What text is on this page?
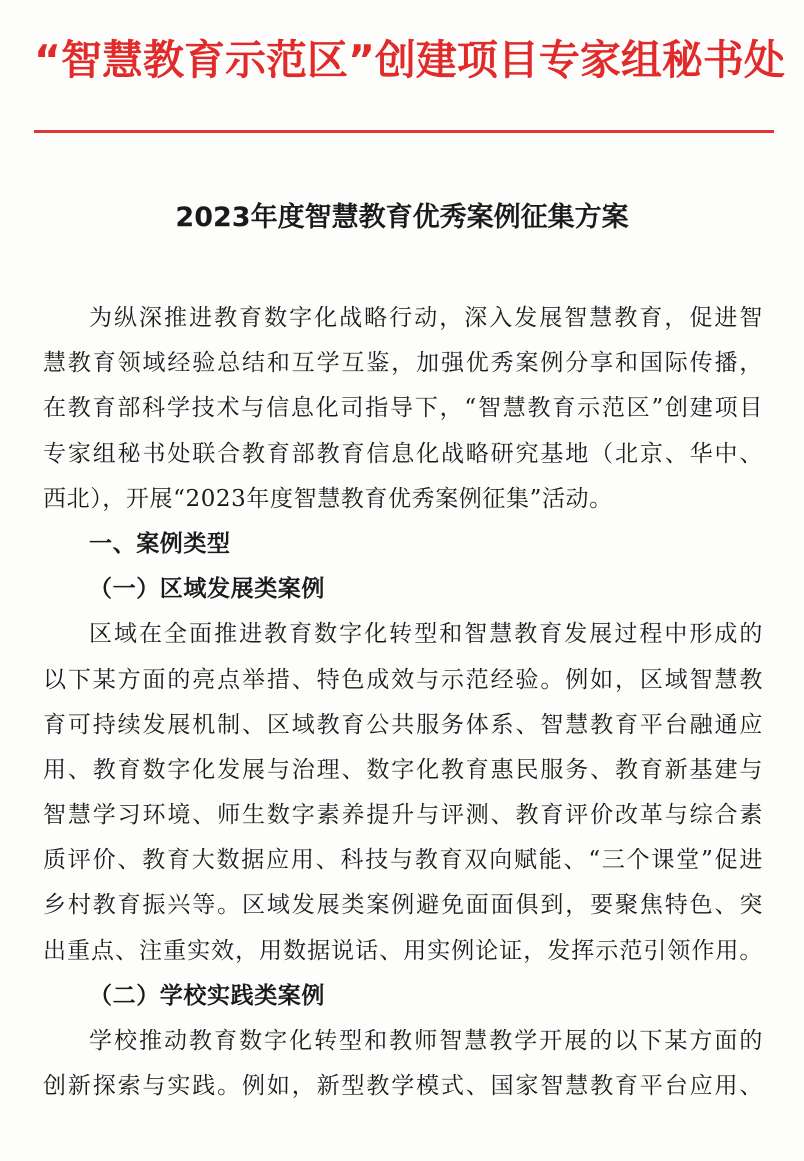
“智慧教育示范区”创建项目专家组秘书处
2023年度智慧教育优秀案例征集方案
为纵深推进教育数字化战略行动，深入发展智慧教育，促进智
慧教育领域经验总结和互学互鉴，加强优秀案例分享和国际传播，
在教育部科学技术与信息化司指导下，“智慧教育示范区”创建项目
专家组秘书处联合教育部教育信息化战略研究基地（北京、华中、
西北），开展“2023年度智慧教育优秀案例征集”活动。
一、案例类型
（一）区域发展类案例
区域在全面推进教育数字化转型和智慧教育发展过程中形成的
以下某方面的亮点举措、特色成效与示范经验。例如，区域智慧教
育可持续发展机制、区域教育公共服务体系、智慧教育平台融通应
用、教育数字化发展与治理、数字化教育惠民服务、教育新基建与
智慧学习环境、师生数字素养提升与评测、教育评价改革与综合素
质评价、教育大数据应用、科技与教育双向赋能、“三个课堂”促进
乡村教育振兴等。区域发展类案例避免面面俱到，要聚焦特色、突
出重点、注重实效，用数据说话、用实例论证，发挥示范引领作用。
（二）学校实践类案例
学校推动教育数字化转型和教师智慧教学开展的以下某方面的
创新探索与实践。例如，新型教学模式、国家智慧教育平台应用、
